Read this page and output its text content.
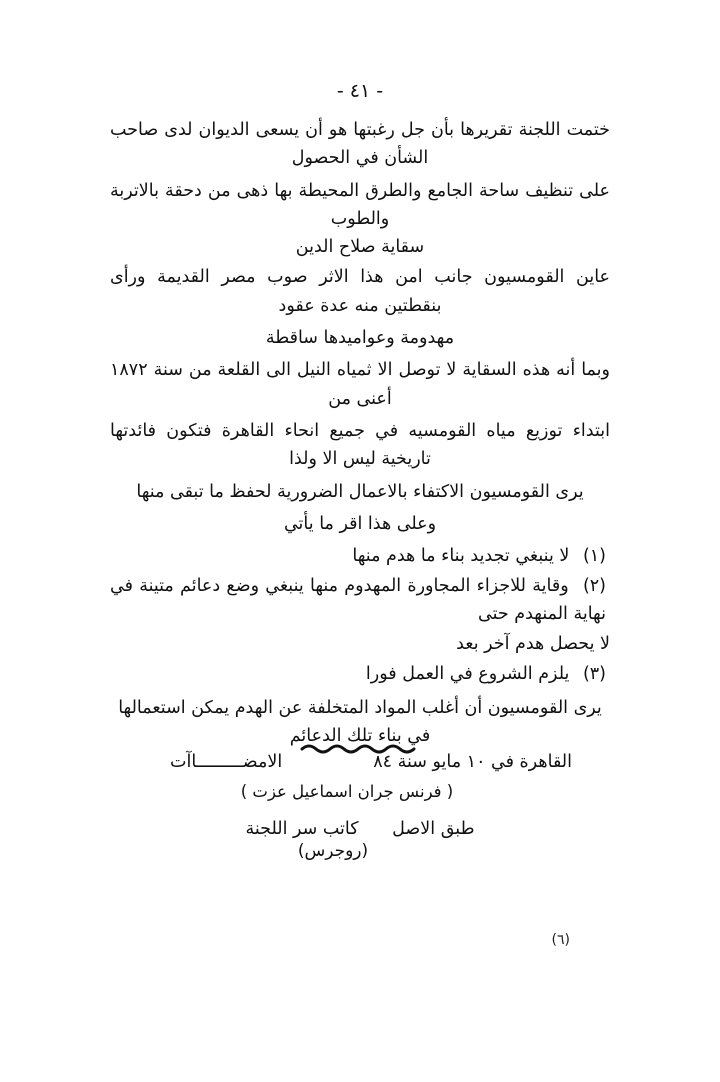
- ٤١ -

ختمت اللجنة تقريرها بأن جل رغبتها هو أن يسعى الديوان لدى صاحب الشأن في الحصول

على تنظيف ساحة الجامع والطرق المحيطة بها ذهى من دحقة بالاتربة والطوب

سقاية صلاح الدين

عاين القومسيون جانب امن هذا الاثر صوب مصر القديمة ورأى بنقطتين منه عدة عقود

مهدومة وعواميدها ساقطة

وبما أنه هذه السقاية لا توصل الا ثمياه النيل الى القلعة من سنة ١٨٧٢ أعنى من

ابتداء توزيع مياه القومسيه في جميع انحاء القاهرة فتكون فائدتها تاريخية ليس الا ولذا

يرى القومسيون الاكتفاء بالاعمال الضرورية لحفظ ما تبقى منها

وعلى هذا اقر ما يأتي

(١) لا ينبغي تجديد بناء ما هدم منها

(٢) وقاية للاجزاء المجاورة المهدوم منها ينبغي وضع دعائم متينة في نهاية المنهدم حتى

لا يحصل هدم آخر بعد

(٣) يلزم الشروع في العمل فورا

يرى القومسيون أن أغلب المواد المتخلفة عن الهدم يمكن استعمالها في بناء تلك الدعائم

القاهرة في ١٠ مايو سنة ٨٤
الامضـــــــــاآت
( فرنس جران اسماعيل عزت )
طبق الاصل كاتب سر اللجنة
(روجرس)
(٦)
